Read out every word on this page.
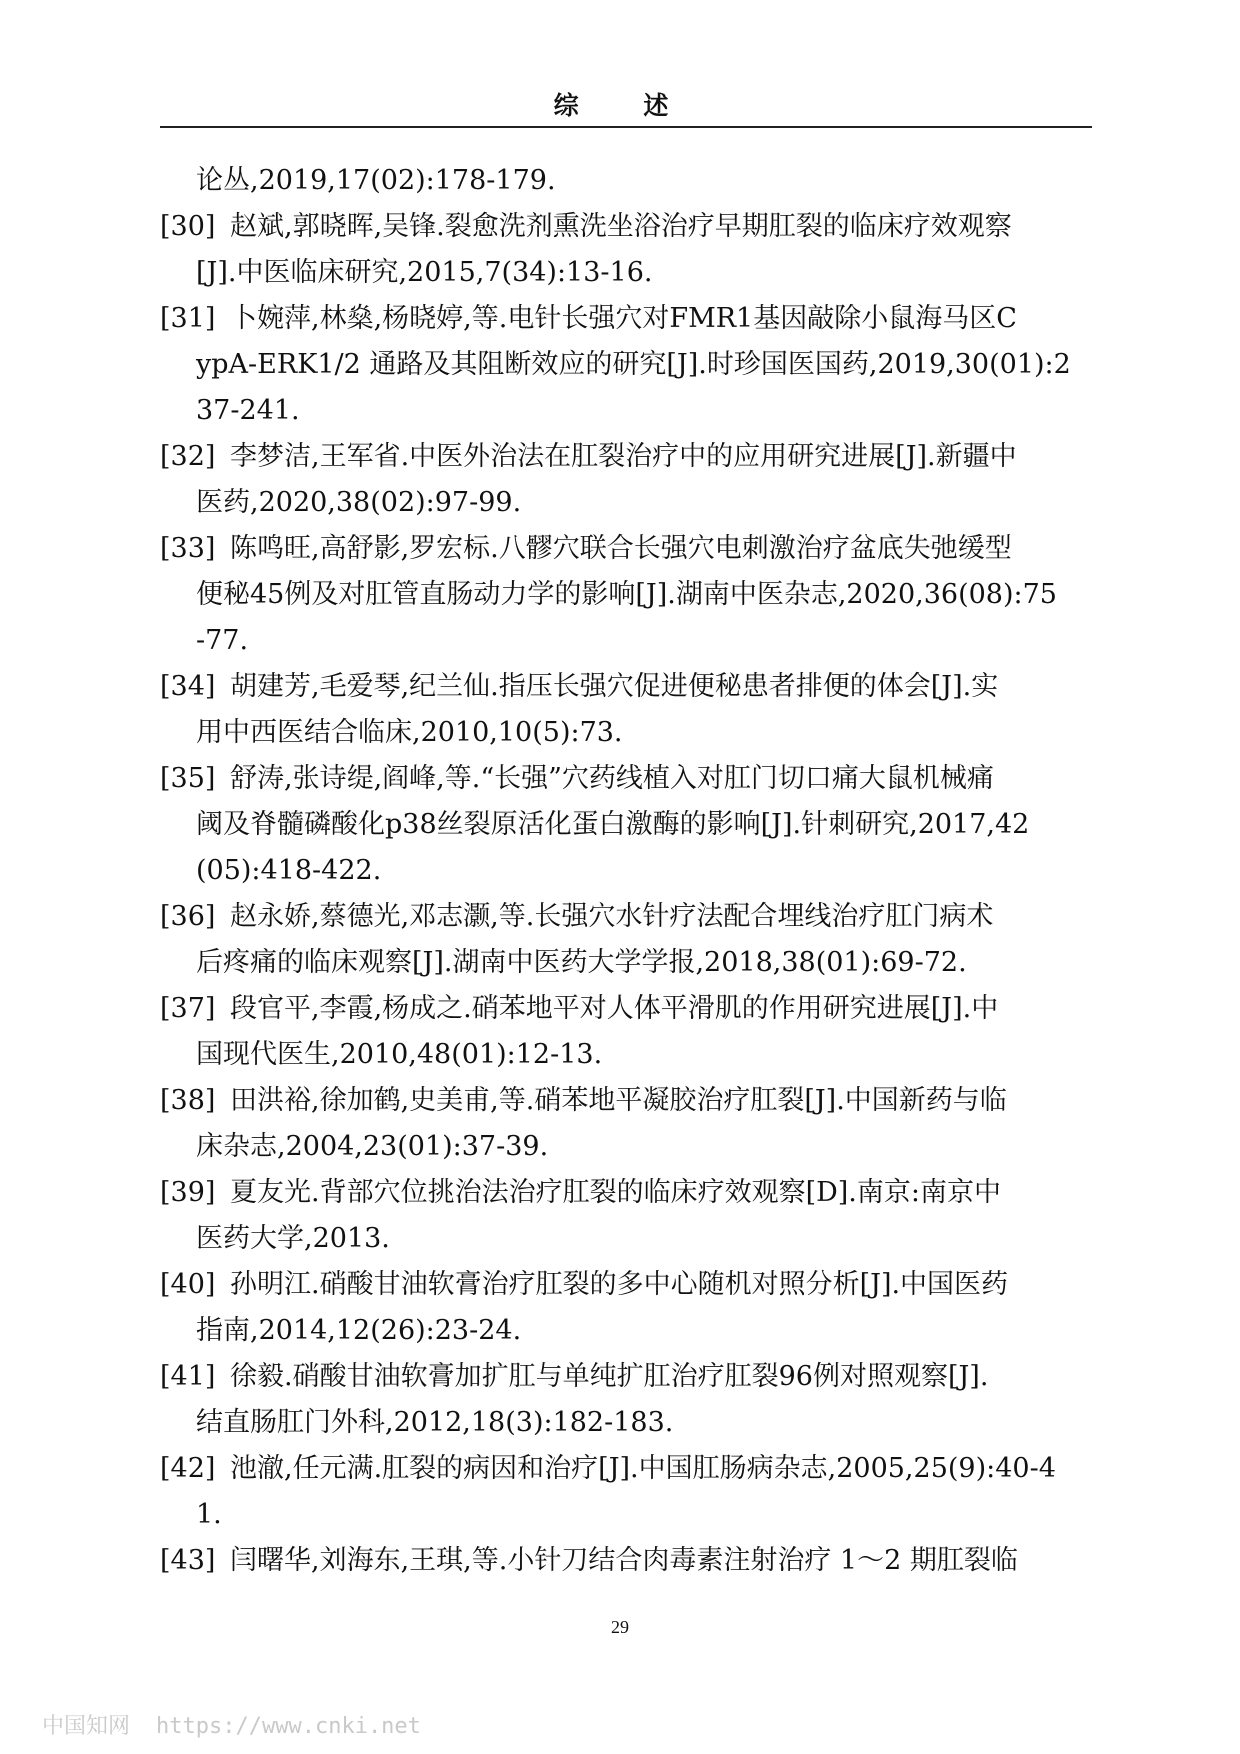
综 述
论丛,2019,17(02):178-179.
[30] 赵斌,郭晓晖,吴锋.裂愈洗剂熏洗坐浴治疗早期肛裂的临床疗效观察
[J].中医临床研究,2015,7(34):13-16.
[31] 卜婉萍,林燊,杨晓婷,等.电针长强穴对FMR1基因敲除小鼠海马区C
ypA-ERK1/2 通路及其阻断效应的研究[J].时珍国医国药,2019,30(01):2
37-241.
[32] 李梦洁,王军省.中医外治法在肛裂治疗中的应用研究进展[J].新疆中
医药,2020,38(02):97-99.
[33] 陈鸣旺,高舒影,罗宏标.八髎穴联合长强穴电刺激治疗盆底失弛缓型
便秘45例及对肛管直肠动力学的影响[J].湖南中医杂志,2020,36(08):75
-77.
[34] 胡建芳,毛爱琴,纪兰仙.指压长强穴促进便秘患者排便的体会[J].实
用中西医结合临床,2010,10(5):73.
[35] 舒涛,张诗缇,阎峰,等.“长强”穴药线植入对肛门切口痛大鼠机械痛
阈及脊髓磷酸化p38丝裂原活化蛋白激酶的影响[J].针刺研究,2017,42
(05):418-422.
[36] 赵永娇,蔡德光,邓志灏,等.长强穴水针疗法配合埋线治疗肛门病术
后疼痛的临床观察[J].湖南中医药大学学报,2018,38(01):69-72.
[37] 段官平,李霞,杨成之.硝苯地平对人体平滑肌的作用研究进展[J].中
国现代医生,2010,48(01):12-13.
[38] 田洪裕,徐加鹤,史美甫,等.硝苯地平凝胶治疗肛裂[J].中国新药与临
床杂志,2004,23(01):37-39.
[39] 夏友光.背部穴位挑治法治疗肛裂的临床疗效观察[D].南京:南京中
医药大学,2013.
[40] 孙明江.硝酸甘油软膏治疗肛裂的多中心随机对照分析[J].中国医药
指南,2014,12(26):23-24.
[41] 徐毅.硝酸甘油软膏加扩肛与单纯扩肛治疗肛裂96例对照观察[J].
结直肠肛门外科,2012,18(3):182-183.
[42] 池澈,任元满.肛裂的病因和治疗[J].中国肛肠病杂志,2005,25(9):40-4
1.
[43] 闫曙华,刘海东,王琪,等.小针刀结合肉毒素注射治疗 1～2 期肛裂临
29
中国知网 https://www.cnki.net
